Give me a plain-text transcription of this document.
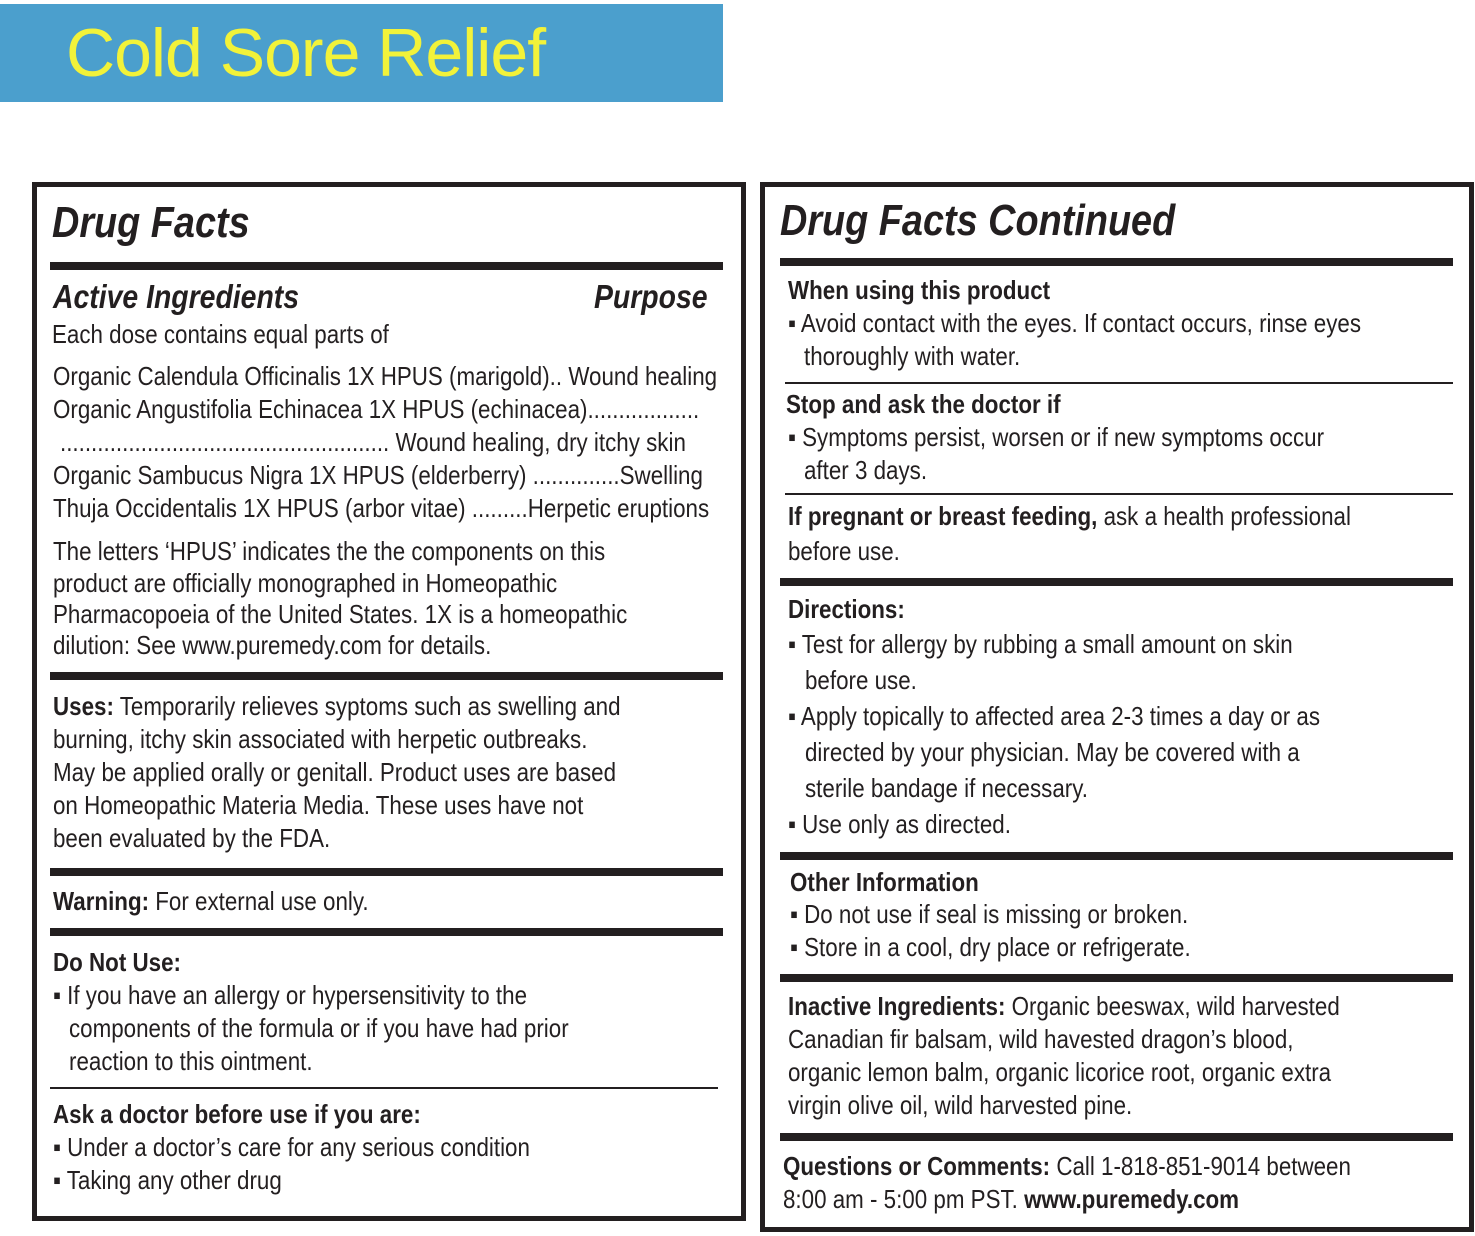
Cold Sore Relief
Drug Facts
Active Ingredients	Purpose
Each dose contains equal parts of
Organic Calendula Officinalis 1X HPUS (marigold).. Wound healing
Organic Angustifolia Echinacea 1X HPUS (echinacea)..................
..................................................... Wound healing, dry itchy skin
Organic Sambucus Nigra 1X HPUS (elderberry) ..............Swelling
Thuja Occidentalis 1X HPUS (arbor vitae) .........Herpetic eruptions
The letters ‘HPUS’ indicates the the components on this
product are officially monographed in Homeopathic
Pharmacopoeia of the United States. 1X is a homeopathic
dilution: See www.puremedy.com for details.
Uses: Temporarily relieves syptoms such as swelling and
burning, itchy skin associated with herpetic outbreaks.
May be applied orally or genitall. Product uses are based
on Homeopathic Materia Media. These uses have not
been evaluated by the FDA.
Warning: For external use only.
Do Not Use:
▪ If you have an allergy or hypersensitivity to the
components of the formula or if you have had prior
reaction to this ointment.
Ask a doctor before use if you are:
▪ Under a doctor’s care for any serious condition
▪ Taking any other drug
Drug Facts Continued
When using this product
▪ Avoid contact with the eyes. If contact occurs, rinse eyes
thoroughly with water.
Stop and ask the doctor if
▪ Symptoms persist, worsen or if new symptoms occur
after 3 days.
If pregnant or breast feeding, ask a health professional
before use.
Directions:
▪ Test for allergy by rubbing a small amount on skin
before use.
▪ Apply topically to affected area 2-3 times a day or as
directed by your physician. May be covered with a
sterile bandage if necessary.
▪ Use only as directed.
Other Information
▪ Do not use if seal is missing or broken.
▪ Store in a cool, dry place or refrigerate.
Inactive Ingredients: Organic beeswax, wild harvested
Canadian fir balsam, wild havested dragon’s blood,
organic lemon balm, organic licorice root, organic extra
virgin olive oil, wild harvested pine.
Questions or Comments: Call 1-818-851-9014 between
8:00 am - 5:00 pm PST. www.puremedy.com
